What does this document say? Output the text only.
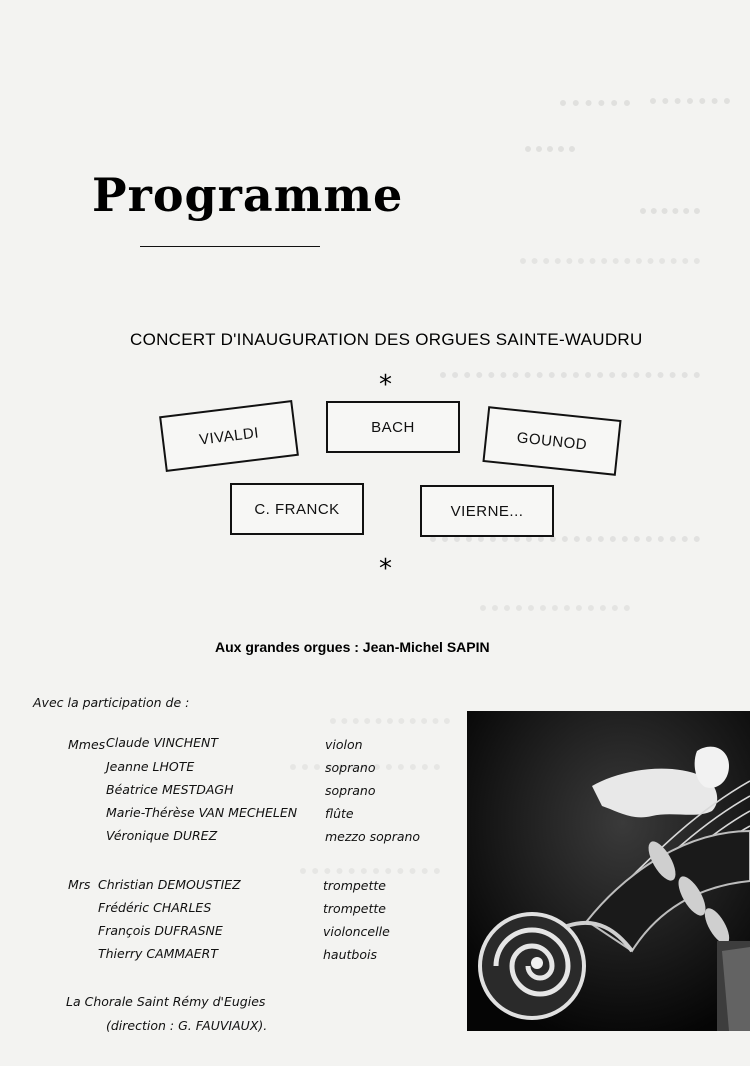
Programme
CONCERT D'INAUGURATION DES ORGUES SAINTE-WAUDRU
*
VIVALDI	BACH
GOUNOD
C. FRANCK	VIERNE...
*
Aux grandes orgues : Jean-Michel SAPIN
Avec la participation de :
Mmes Claude VINCHENT	violon
Jeanne LHOTE	soprano
Béatrice MESTDAGH	soprano
Marie-Thérèse VAN MECHELEN flûte
Véronique DUREZ	mezzo soprano
Mrs Christian DEMOUSTIEZ	trompette
Frédéric CHARLES	trompette
François DUFRASNE	violoncelle
Thierry CAMMAERT	hautbois
La Chorale Saint Rémy d'Eugies
(direction : G. FAUVIAUX).
